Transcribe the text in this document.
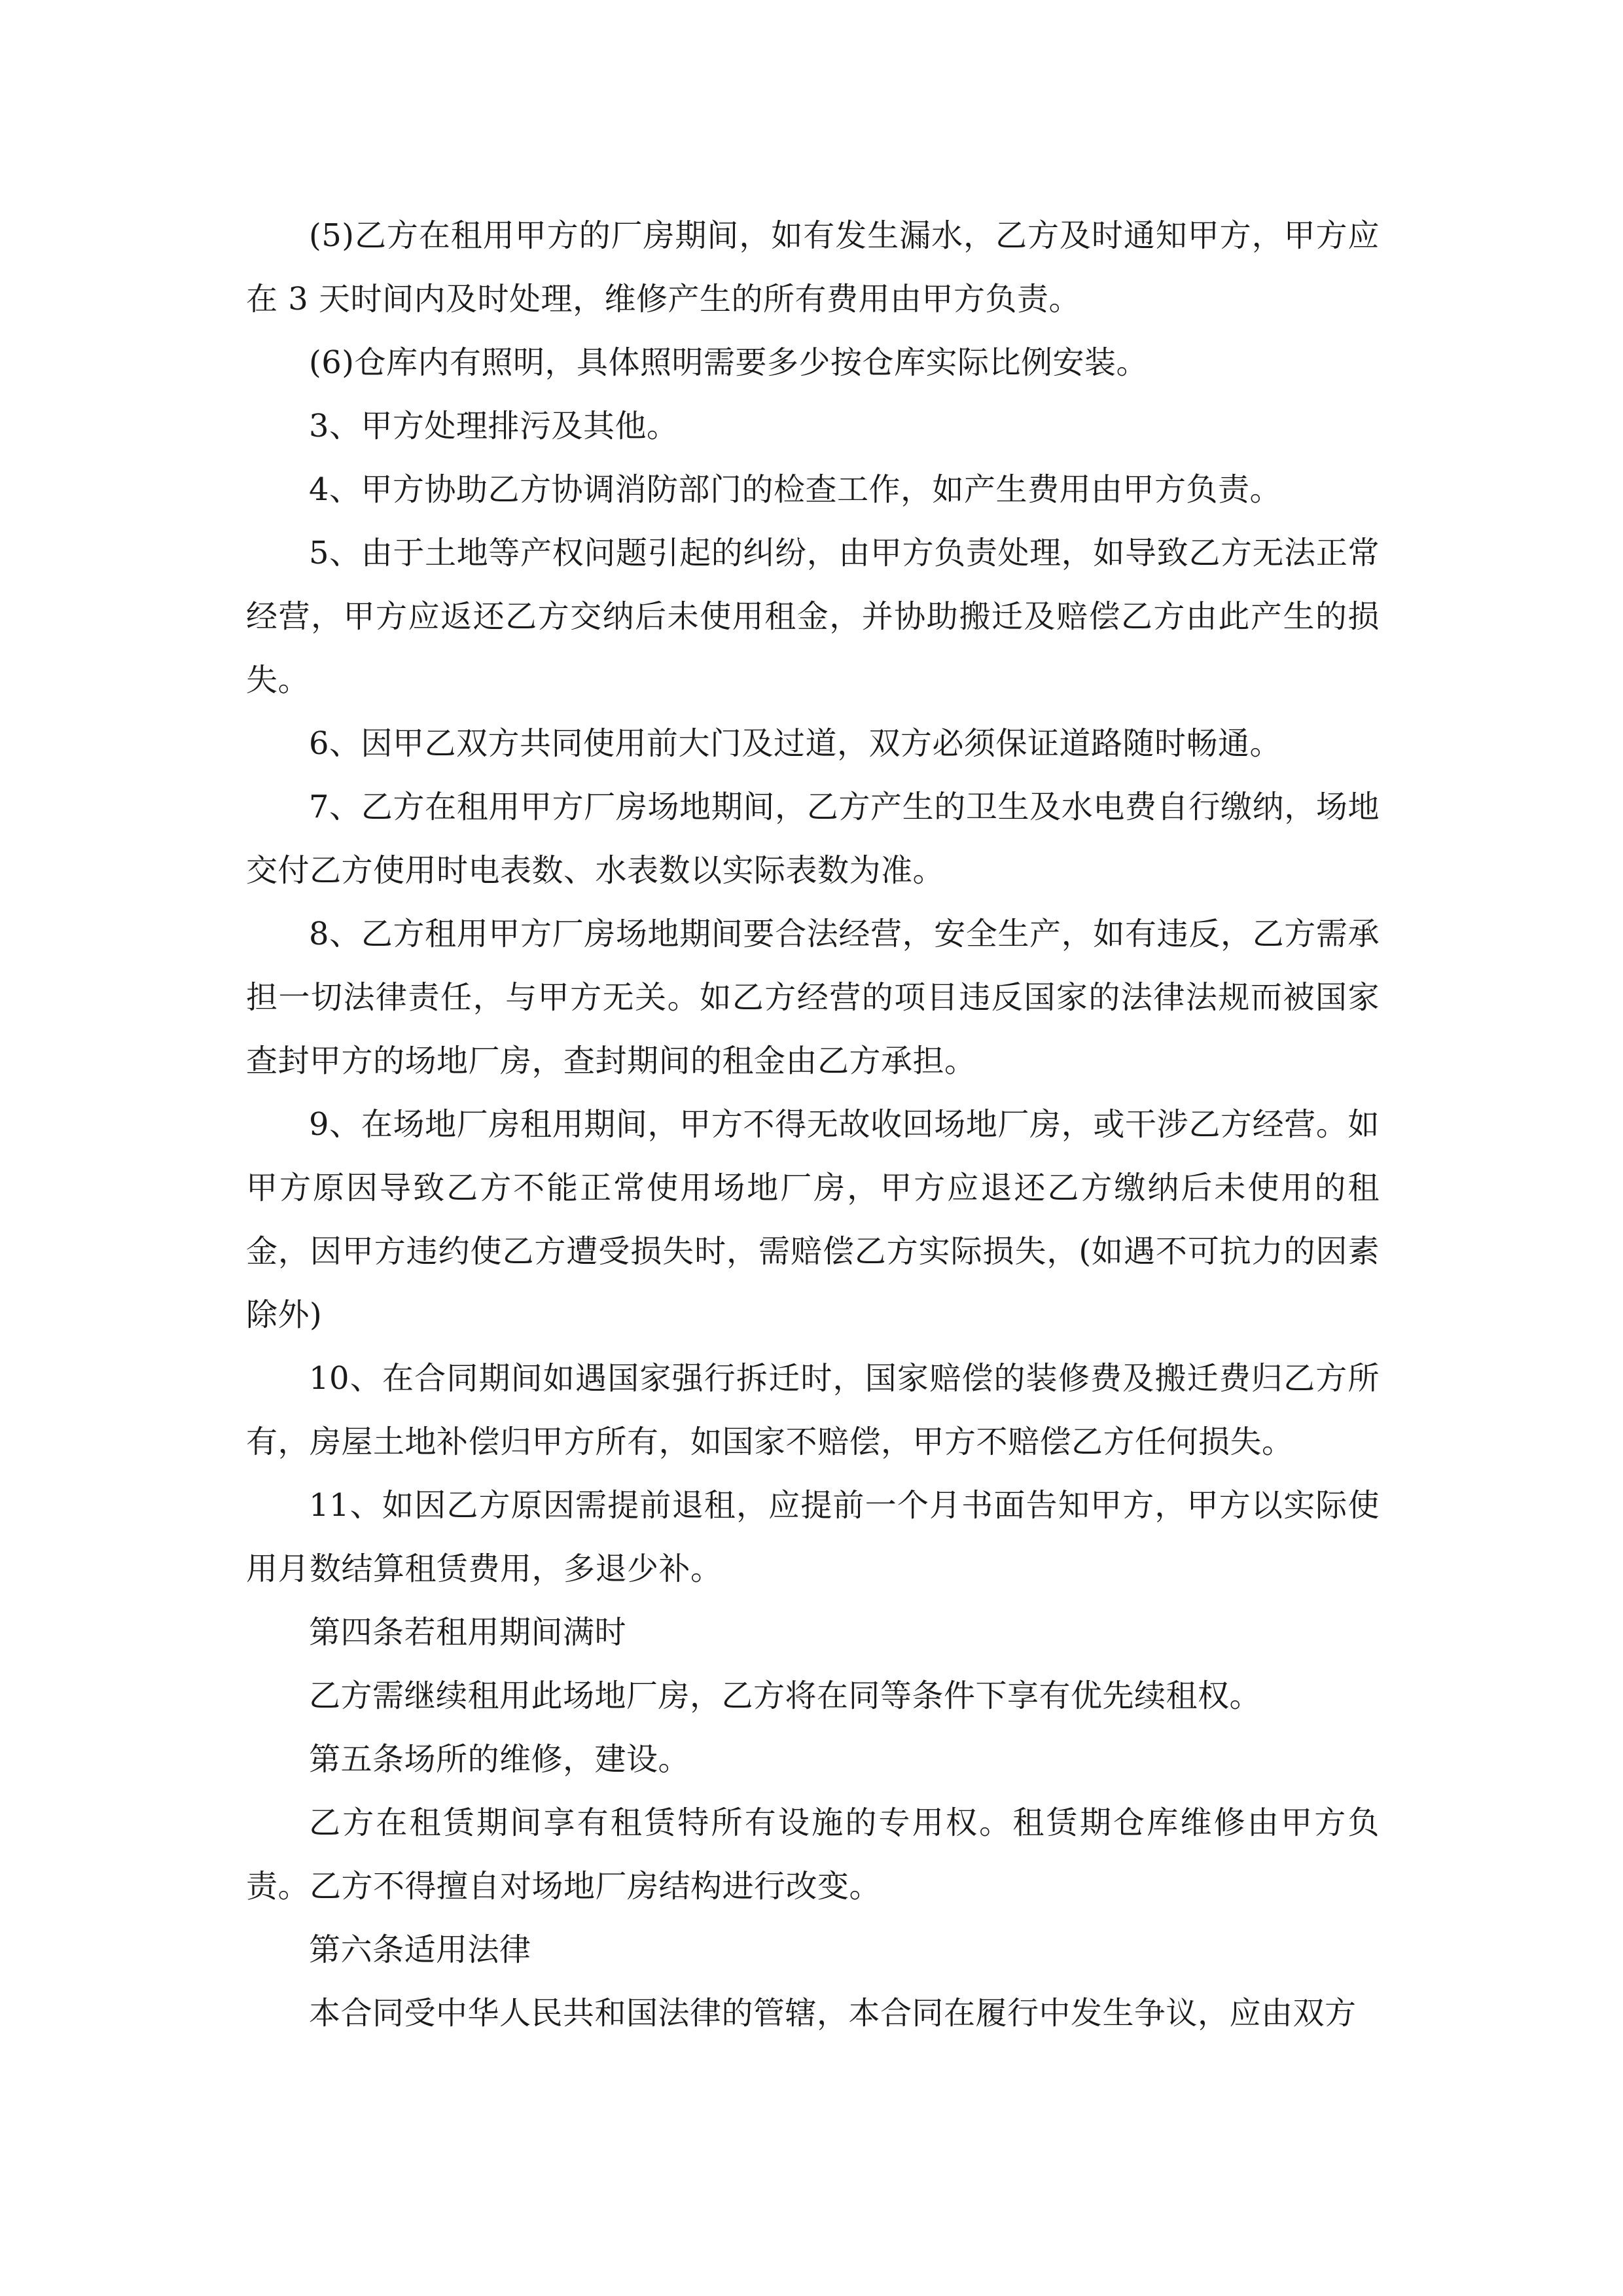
(5)乙方在租用甲方的厂房期间，如有发生漏水，乙方及时通知甲方，甲方应在 3 天时间内及时处理，维修产生的所有费用由甲方负责。

(6)仓库内有照明，具体照明需要多少按仓库实际比例安装。

3、甲方处理排污及其他。

4、甲方协助乙方协调消防部门的检查工作，如产生费用由甲方负责。

5、由于土地等产权问题引起的纠纷，由甲方负责处理，如导致乙方无法正常经营，甲方应返还乙方交纳后未使用租金，并协助搬迁及赔偿乙方由此产生的损失。

6、因甲乙双方共同使用前大门及过道，双方必须保证道路随时畅通。

7、乙方在租用甲方厂房场地期间，乙方产生的卫生及水电费自行缴纳，场地交付乙方使用时电表数、水表数以实际表数为准。

8、乙方租用甲方厂房场地期间要合法经营，安全生产，如有违反，乙方需承担一切法律责任，与甲方无关。如乙方经营的项目违反国家的法律法规而被国家查封甲方的场地厂房，查封期间的租金由乙方承担。

9、在场地厂房租用期间，甲方不得无故收回场地厂房，或干涉乙方经营。如甲方原因导致乙方不能正常使用场地厂房，甲方应退还乙方缴纳后未使用的租金，因甲方违约使乙方遭受损失时，需赔偿乙方实际损失，(如遇不可抗力的因素除外)

10、在合同期间如遇国家强行拆迁时，国家赔偿的装修费及搬迁费归乙方所有，房屋土地补偿归甲方所有，如国家不赔偿，甲方不赔偿乙方任何损失。

11、如因乙方原因需提前退租，应提前一个月书面告知甲方，甲方以实际使用月数结算租赁费用，多退少补。

第四条若租用期间满时

乙方需继续租用此场地厂房，乙方将在同等条件下享有优先续租权。

第五条场所的维修，建设。

乙方在租赁期间享有租赁特所有设施的专用权。租赁期仓库维修由甲方负责。乙方不得擅自对场地厂房结构进行改变。

第六条适用法律

本合同受中华人民共和国法律的管辖，本合同在履行中发生争议，应由双方
